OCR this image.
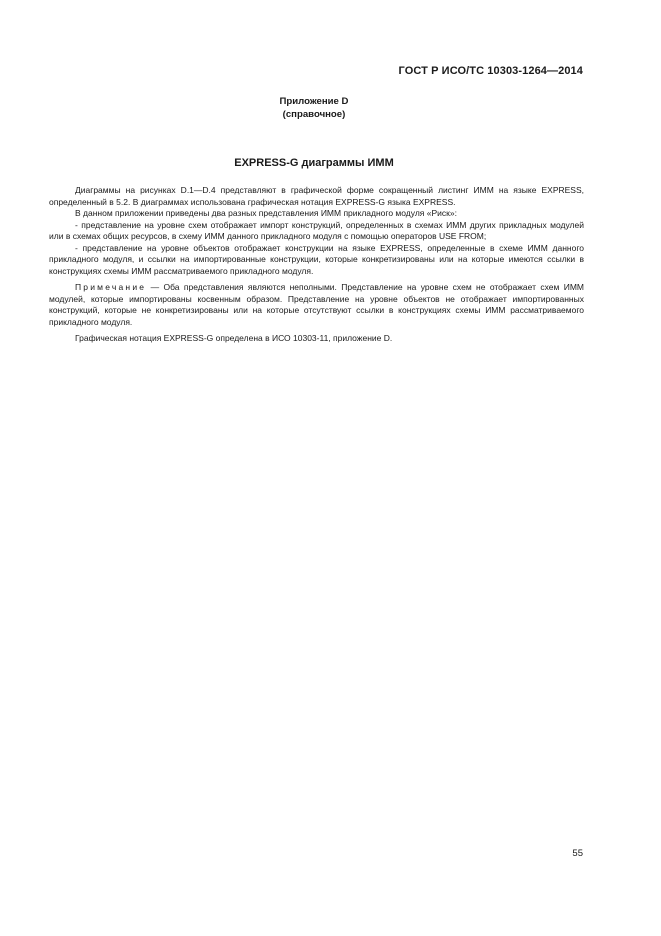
ГОСТ Р ИСО/ТС 10303-1264—2014
Приложение D
(справочное)
EXPRESS-G диаграммы ИММ

Диаграммы на рисунках D.1—D.4 представляют в графической форме сокращенный листинг ИММ на языке EXPRESS, определенный в 5.2. В диаграммах использована графическая нотация EXPRESS-G языка EXPRESS.

В данном приложении приведены два разных представления ИММ прикладного модуля «Риск»:

- представление на уровне схем отображает импорт конструкций, определенных в схемах ИММ других прикладных модулей или в схемах общих ресурсов, в схему ИММ данного прикладного модуля с помощью операторов USE FROM;

- представление на уровне объектов отображает конструкции на языке EXPRESS, определенные в схеме ИММ данного прикладного модуля, и ссылки на импортированные конструкции, которые конкретизированы или на которые имеются ссылки в конструкциях схемы ИММ рассматриваемого прикладного модуля.

Примечание — Оба представления являются неполными. Представление на уровне схем не отображает схем ИММ модулей, которые импортированы косвенным образом. Представление на уровне объектов не отображает импортированных конструкций, которые не конкретизированы или на которые отсутствуют ссылки в конструкциях схемы ИММ рассматриваемого прикладного модуля.

Графическая нотация EXPRESS-G определена в ИСО 10303-11, приложение D.

55
